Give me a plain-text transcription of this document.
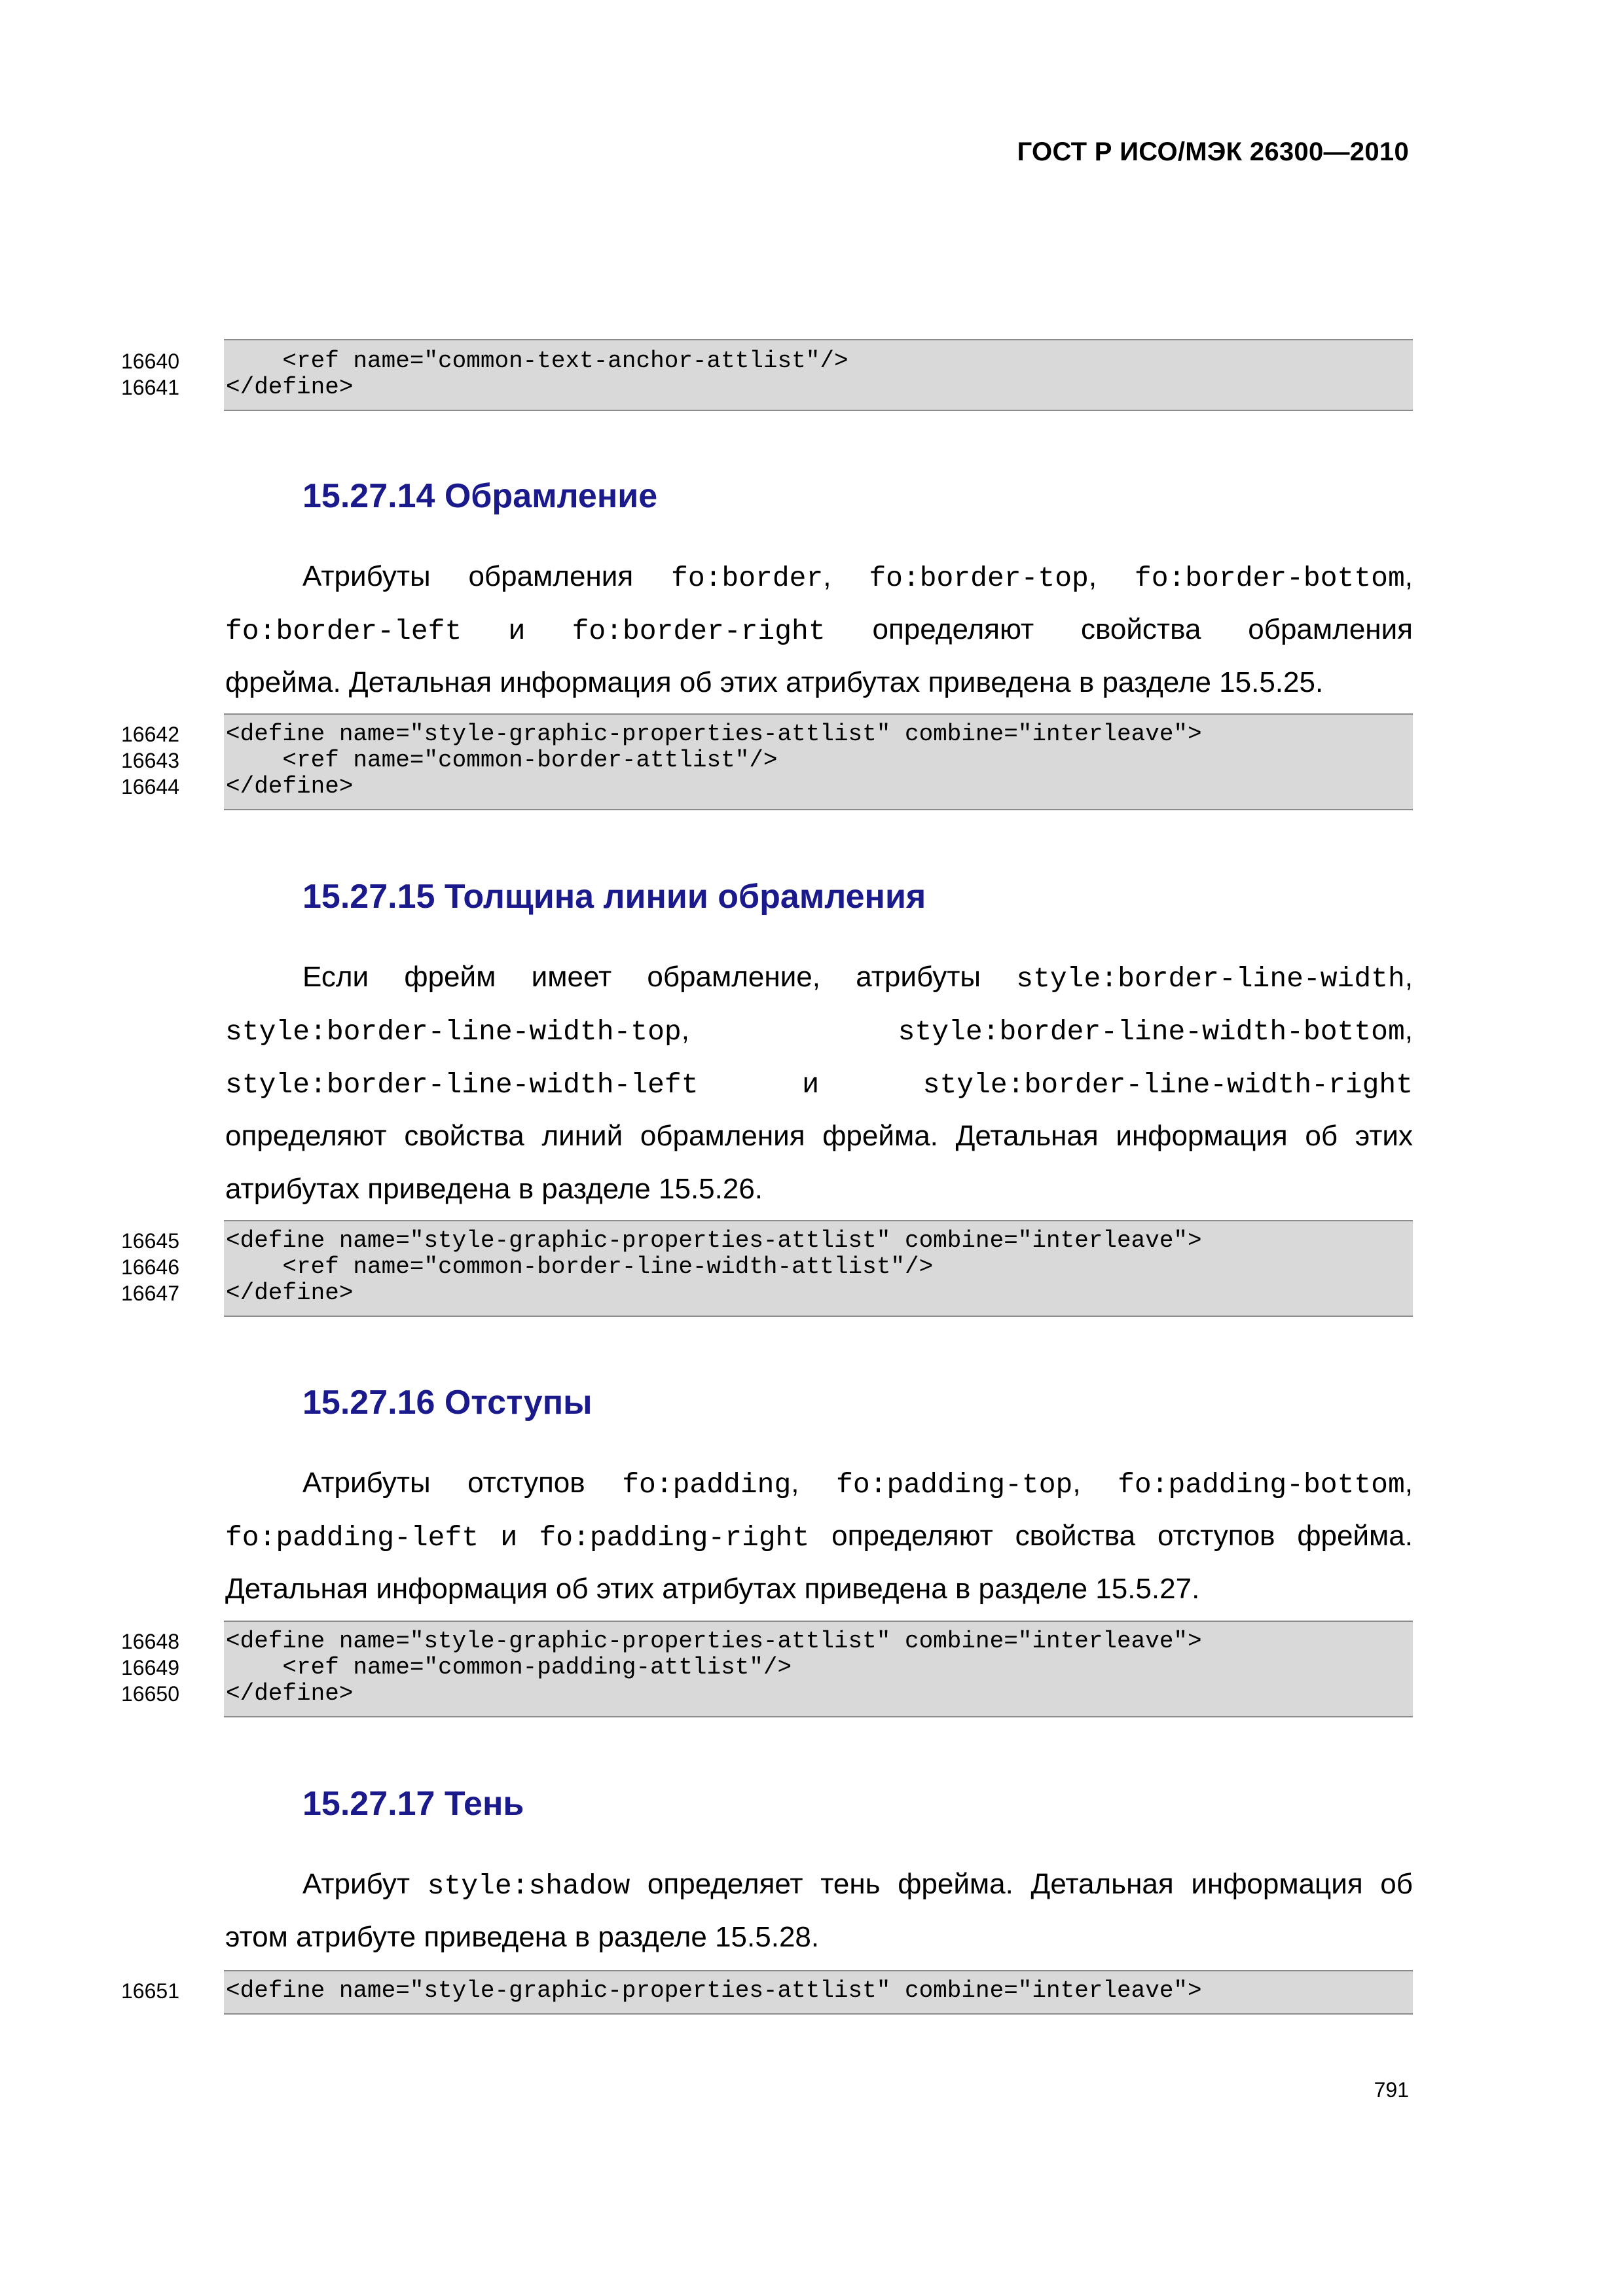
ГОСТ Р ИСО/МЭК 26300—2010
16640	<ref name="common-text-anchor-attlist"/>
16641	</define>
15.27.14 Обрамление
Атрибуты обрамления fo:border, fo:border-top, fo:border-bottom,
fo:border-left и fo:border-right определяют свойства обрамления
фрейма. Детальная информация об этих атрибутах приведена в разделе 15.5.25.
16642	<define name="style-graphic-properties-attlist" combine="interleave">
16643	<ref name="common-border-attlist"/>
16644	</define>
15.27.15 Толщина линии обрамления
Если фрейм имеет обрамление, атрибуты style:border-line-width,
style:border-line-width-top,	style:border-line-width-bottom,
style:border-line-width-left	и	style:border-line-width-right
определяют свойства линий обрамления фрейма. Детальная информация об этих
атрибутах приведена в разделе 15.5.26.
16645	<define name="style-graphic-properties-attlist" combine="interleave">
16646	<ref name="common-border-line-width-attlist"/>
16647	</define>
15.27.16 Отступы
Атрибуты отступов fo:padding, fo:padding-top, fo:padding-bottom,
fo:padding-left и fo:padding-right определяют свойства отступов фрейма.
Детальная информация об этих атрибутах приведена в разделе 15.5.27.
16648	<define name="style-graphic-properties-attlist" combine="interleave">
16649	<ref name="common-padding-attlist"/>
16650	</define>
15.27.17 Тень
Атрибут style:shadow определяет тень фрейма. Детальная информация об
этом атрибуте приведена в разделе 15.5.28.
16651	<define name="style-graphic-properties-attlist" combine="interleave">
791
